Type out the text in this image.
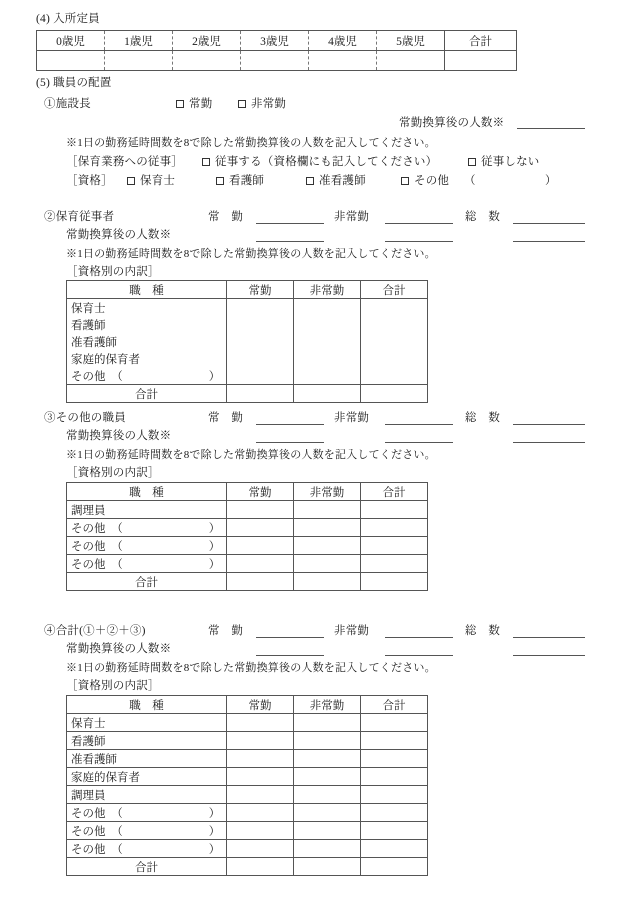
(4) 入所定員
0歳児	1歳児	2歳児	3歳児	4歳児	5歳児	合計

(5) 職員の配置
①施設長	常勤	非常勤
常勤換算後の人数※
※1日の勤務延時間数を8で除した常勤換算後の人数を記入してください。
［保育業務への従事］	従事する（資格欄にも記入してください）	従事しない
［資格］	保育士	看護師	准看護師	その他 （	）
②保育従事者	常　勤	非常勤	総　数
常勤換算後の人数※
※1日の勤務延時間数を8で除した常勤換算後の人数を記入してください。
［資格別の内訳］
職　種	常勤	非常勤	合計
保育士			
看護師			
准看護師			
家庭的保育者			
その他　（ ）			
合計			
③その他の職員	常　勤	非常勤	総　数
常勤換算後の人数※
※1日の勤務延時間数を8で除した常勤換算後の人数を記入してください。
［資格別の内訳］
職　種	常勤	非常勤	合計
調理員			
その他　（ ）			
その他　（ ）			
その他　（ ）			
合計			
④合計(①＋②＋③)	常　勤	非常勤	総　数
常勤換算後の人数※
※1日の勤務延時間数を8で除した常勤換算後の人数を記入してください。
［資格別の内訳］
職　種	常勤	非常勤	合計
保育士			
看護師			
准看護師			
家庭的保育者			
調理員			
その他　（ ）			
その他　（ ）			
その他　（ ）			
合計			
